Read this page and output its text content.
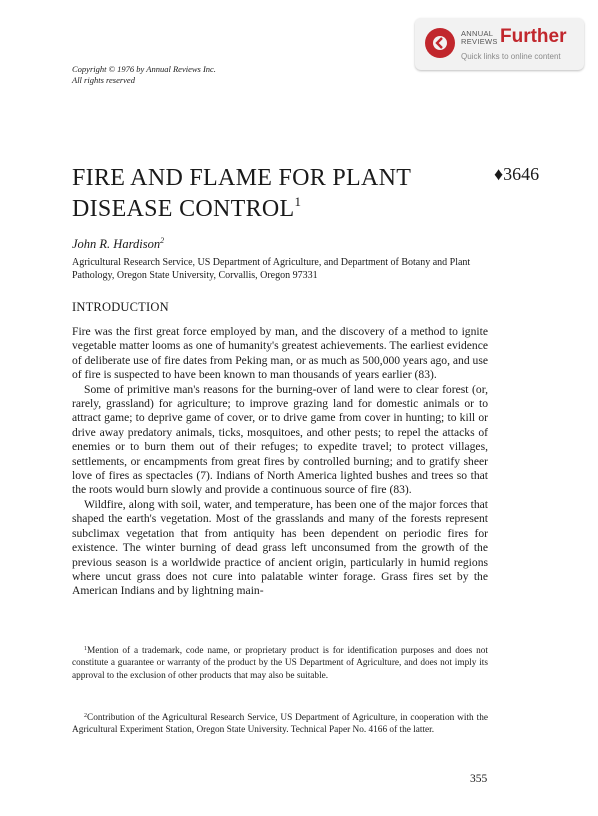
ANNUAL
REVIEWS Further
Quick links to online content
Copyright © 1976 by Annual Reviews Inc.
All rights reserved
FIRE AND FLAME FOR PLANT
DISEASE CONTROL$^1$
♦3646
John R. Hardison$^2$
Agricultural Research Service, US Department of Agriculture, and Department of Botany and Plant Pathology, Oregon State University, Corvallis, Oregon 97331
INTRODUCTION

Fire was the first great force employed by man, and the discovery of a method to ignite vegetable matter looms as one of humanity's greatest achievements. The earliest evidence of deliberate use of fire dates from Peking man, or as much as 500,000 years ago, and use of fire is suspected to have been known to man thousands of years earlier (83).

Some of primitive man's reasons for the burning-over of land were to clear forest (or, rarely, grassland) for agriculture; to improve grazing land for domestic animals or to attract game; to deprive game of cover, or to drive game from cover in hunting; to kill or drive away predatory animals, ticks, mosquitoes, and other pests; to repel the attacks of enemies or to burn them out of their refuges; to expedite travel; to protect villages, settlements, or encampments from great fires by controlled burning; and to gratify sheer love of fires as spectacles (7). Indians of North America lighted bushes and trees so that the roots would burn slowly and provide a continuous source of fire (83).

Wildfire, along with soil, water, and temperature, has been one of the major forces that shaped the earth's vegetation. Most of the grasslands and many of the forests represent subclimax vegetation that from antiquity has been dependent on periodic fires for existence. The winter burning of dead grass left unconsumed from the growth of the previous season is a worldwide practice of ancient origin, particularly in humid regions where uncut grass does not cure into palatable winter forage. Grass fires set by the American Indians and by lightning main-

$^1$Mention of a trademark, code name, or proprietary product is for identification purposes and does not constitute a guarantee or warranty of the product by the US Department of Agriculture, and does not imply its approval to the exclusion of other products that may also be suitable.

$^2$Contribution of the Agricultural Research Service, US Department of Agriculture, in cooperation with the Agricultural Experiment Station, Oregon State University. Technical Paper No. 4166 of the latter.

355
